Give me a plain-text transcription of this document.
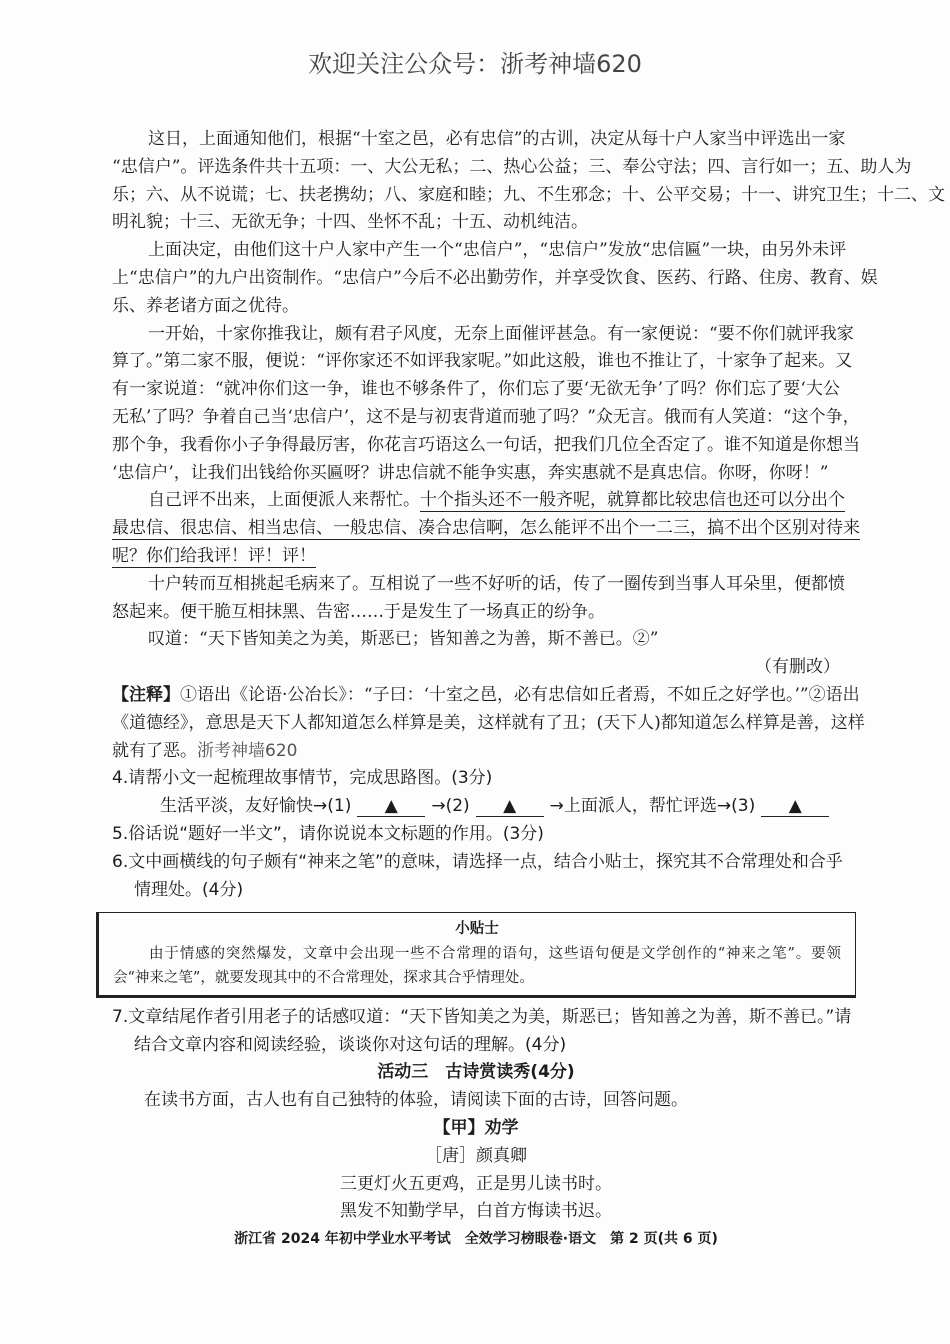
欢迎关注公众号：浙考神墙620
这日，上面通知他们，根据“十室之邑，必有忠信”的古训，决定从每十户人家当中评选出一家
“忠信户”。评选条件共十五项：一、大公无私；二、热心公益；三、奉公守法；四、言行如一；五、助人为
乐；六、从不说谎；七、扶老携幼；八、家庭和睦；九、不生邪念；十、公平交易；十一、讲究卫生；十二、文
明礼貌；十三、无欲无争；十四、坐怀不乱；十五、动机纯洁。
上面决定，由他们这十户人家中产生一个“忠信户”，“忠信户”发放“忠信匾”一块，由另外未评
上“忠信户”的九户出资制作。“忠信户”今后不必出勤劳作，并享受饮食、医药、行路、住房、教育、娱
乐、养老诸方面之优待。
一开始，十家你推我让，颇有君子风度，无奈上面催评甚急。有一家便说：“要不你们就评我家
算了。”第二家不服，便说：“评你家还不如评我家呢。”如此这般，谁也不推让了，十家争了起来。又
有一家说道：“就冲你们这一争，谁也不够条件了，你们忘了要‘无欲无争’了吗？你们忘了要‘大公
无私’了吗？争着自己当‘忠信户’，这不是与初衷背道而驰了吗？”众无言。俄而有人笑道：“这个争，
那个争，我看你小子争得最厉害，你花言巧语这么一句话，把我们几位全否定了。谁不知道是你想当
‘忠信户’，让我们出钱给你买匾呀？讲忠信就不能争实惠，奔实惠就不是真忠信。你呀，你呀！”
自己评不出来，上面便派人来帮忙。十个指头还不一般齐呢，就算都比较忠信也还可以分出个
最忠信、很忠信、相当忠信、一般忠信、凑合忠信啊，怎么能评不出个一二三，搞不出个区别对待来
呢？你们给我评！评！评！
十户转而互相挑起毛病来了。互相说了一些不好听的话，传了一圈传到当事人耳朵里，便都愤
怒起来。便干脆互相抹黑、告密……于是发生了一场真正的纷争。
叹道：“天下皆知美之为美，斯恶已；皆知善之为善，斯不善已。②”
（有删改）
【注释】①语出《论语·公冶长》：“子曰：‘十室之邑，必有忠信如丘者焉，不如丘之好学也。’”②语出
《道德经》，意思是天下人都知道怎么样算是美，这样就有了丑；(天下人)都知道怎么样算是善，这样
就有了恶。浙考神墙620
4.请帮小文一起梳理故事情节，完成思路图。(3分)
生活平淡，友好愉快→(1) ▲ →(2) ▲ →上面派人，帮忙评选→(3) ▲
5.俗话说“题好一半文”，请你说说本文标题的作用。(3分)
6.文中画横线的句子颇有“神来之笔”的意味，请选择一点，结合小贴士，探究其不合常理处和合乎
情理处。(4分)
小贴士
由于情感的突然爆发，文章中会出现一些不合常理的语句，这些语句便是文学创作的“神来之笔”。要领
会“神来之笔”，就要发现其中的不合常理处，探求其合乎情理处。
7.文章结尾作者引用老子的话感叹道：“天下皆知美之为美，斯恶已；皆知善之为善，斯不善已。”请
结合文章内容和阅读经验，谈谈你对这句话的理解。(4分)
活动三　古诗赏读秀(4分)
在读书方面，古人也有自己独特的体验，请阅读下面的古诗，回答问题。
【甲】劝学
［唐］颜真卿
三更灯火五更鸡，正是男儿读书时。
黑发不知勤学早，白首方悔读书迟。
浙江省 2024 年初中学业水平考试　全效学习榜眼卷·语文　第 2 页(共 6 页)
